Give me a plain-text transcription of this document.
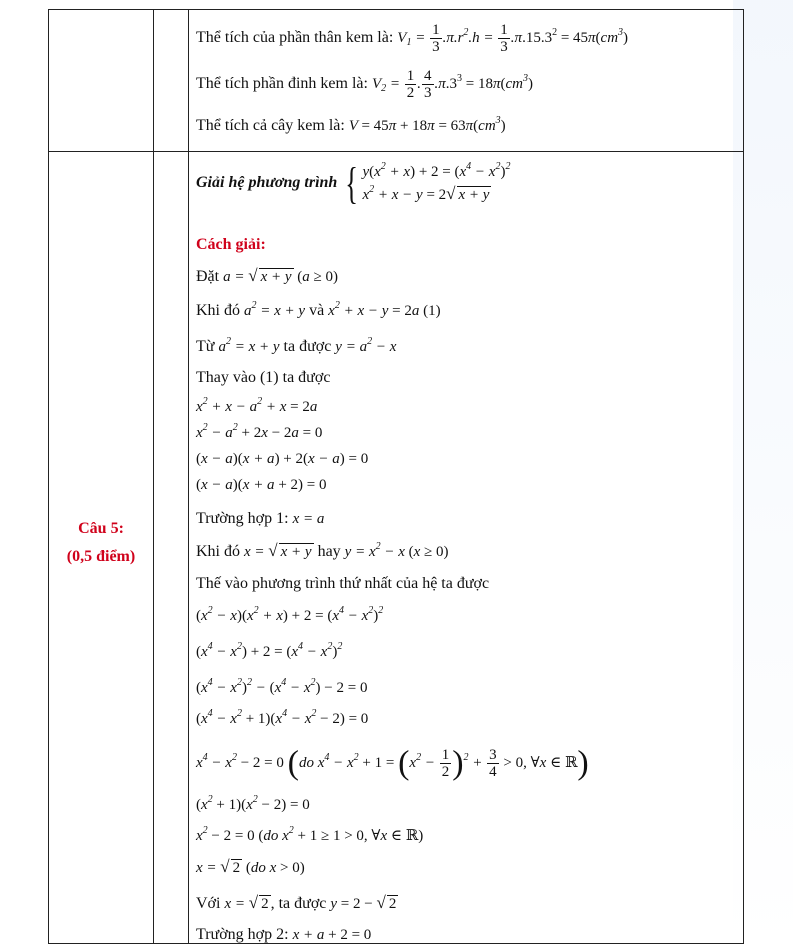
Thể tích của phần thân kem là: $V_1 = \frac{1}{3} .\pi.r^2.h = \frac{1}{3} .\pi.15.3^2 = 45\pi(cm^3)$
Thể tích phần đinh kem là: $V_2 = \frac{1}{2}$ . $\frac{4}{3} .\pi.3^3 = 18\pi(cm^3)$
Thể tích cả cây kem là: $V = 45\pi + 18\pi = 63\pi(cm^3)$
Câu 5:
(0,5 điểm)
Giải hệ phương trình { $y(x^2 + x) + 2 = (x^4 - x^2)^2$
$x^2 + x - y = 2√$ x + y
Cách giải:
Đặt a = √ x + y (a ≥ 0)
Khi đó $a^2 = x + y$ và $x^2 + x - y = 2a$ (1)
Từ $a^2 = x + y$ ta được $y = a^2 - x$
Thay vào (1) ta được
$x^2 + x - a^2 + x = 2a$
$x^2 - a^2 + 2x - 2a = 0$
(x − a)(x + a) + 2(x − a) = 0
(x − a)(x + a + 2) = 0
Trường hợp 1: x = a
Khi đó x = √ x + y hay $y = x^2 - x$ (x ≥ 0)
Thế vào phương trình thứ nhất của hệ ta được
$(x^2 - x)(x^2 + x) + 2 = (x^4 - x^2)^2$
$(x^4 - x^2) + 2 = (x^4 - x^2)^2$
$(x^4 - x^2)^2 - (x^4 - x^2) - 2 = 0$
$(x^4 - x^2 + 1)(x^4 - x^2 - 2) = 0$
$x^4 - x^2 - 2 = 0$ (do $x^4 - x^2 + 1 = (x^2 - \frac{1}{2} )^2 + \frac{3}{4} > 0$, ∀x ∈ ℝ)
$(x^2 + 1)(x^2 - 2) = 0$
$x^2 - 2 = 0$ (do $x^2 + 1 \ge 1 > 0$, ∀x ∈ ℝ)
x = √ 2 (do x > 0)
Với x = √ 2 , ta được y = 2 − √ 2
Trường hợp 2: x + a + 2 = 0
